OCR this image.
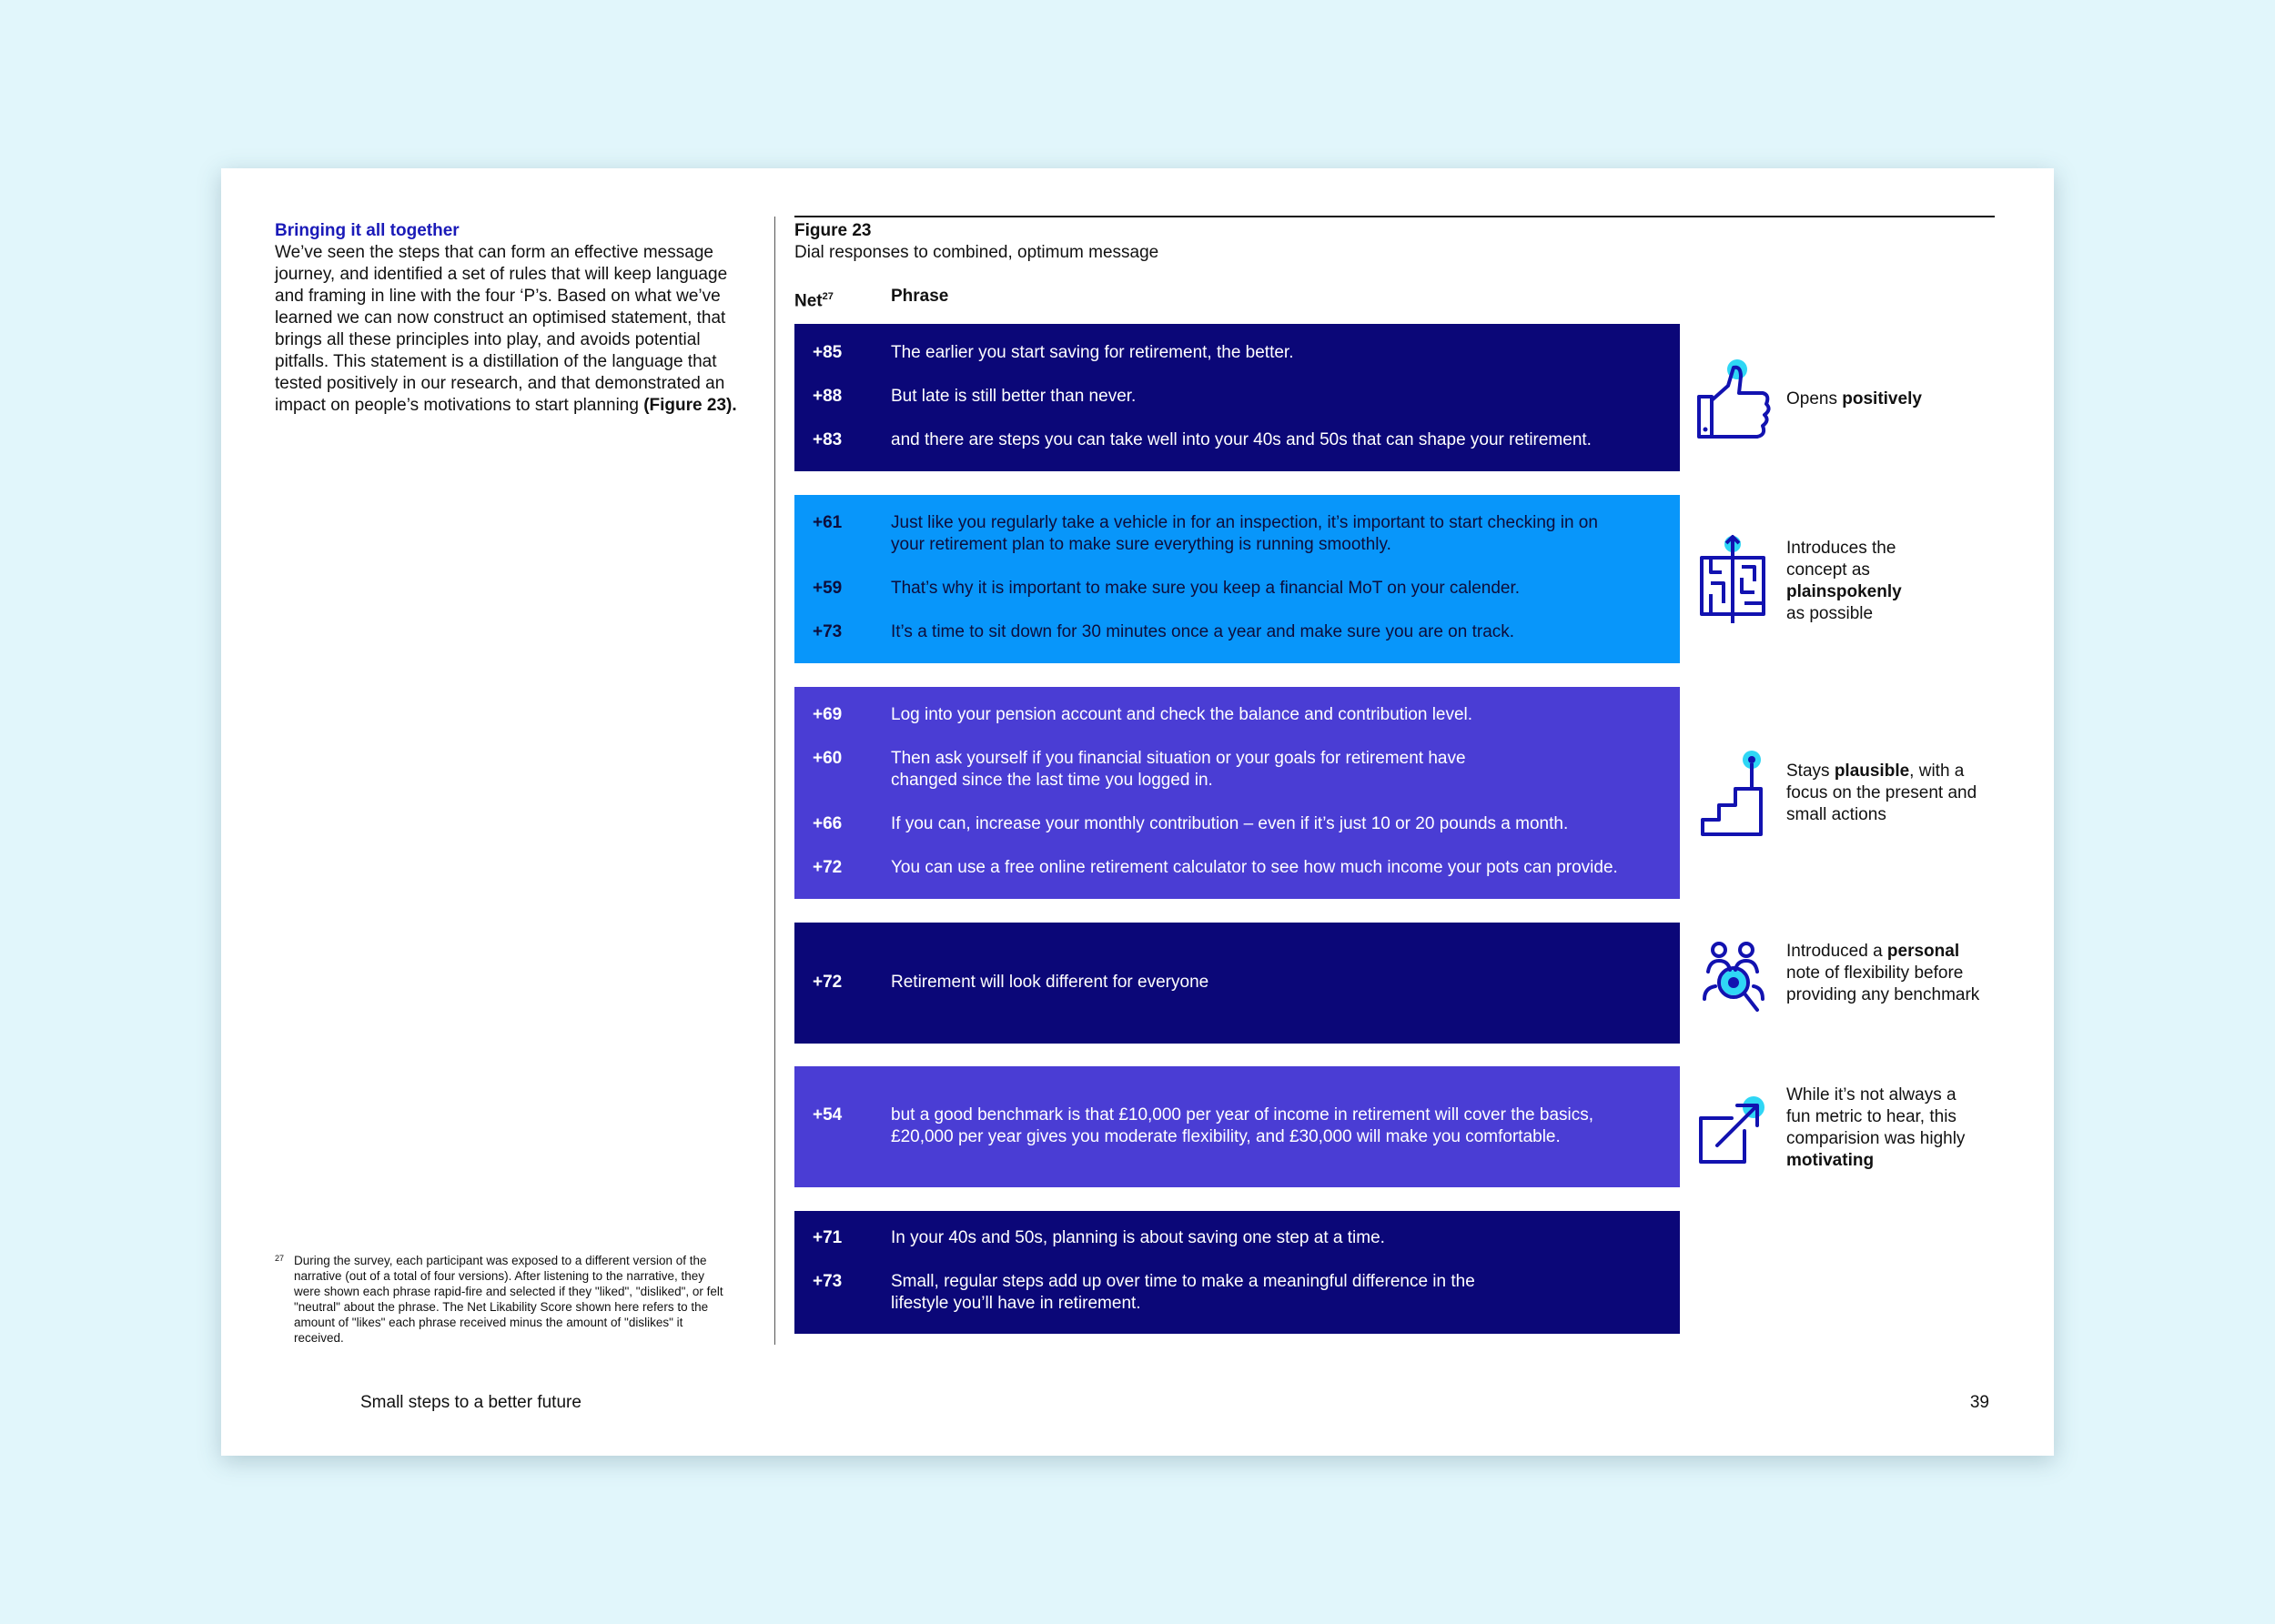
Bringing it all together

We’ve seen the steps that can form an effective message journey, and identified a set of rules that will keep language and framing in line with the four ‘P’s. Based on what we’ve learned we can now construct an optimised statement, that brings all these principles into play, and avoids potential pitfalls. This statement is a distillation of the language that tested positively in our research, and that demonstrated an impact on people’s motivations to start planning (Figure 23).

27 During the survey, each participant was exposed to a different version of the narrative (out of a total of four versions). After listening to the narrative, they were shown each phrase rapid-fire and selected if they "liked", "disliked", or felt "neutral" about the phrase. The Net Likability Score shown here refers to the amount of "likes" each phrase received minus the amount of "dislikes" it received.
Figure 23
Dial responses to combined, optimum message
Net$^{27}$	Phrase
+85	The earlier you start saving for retirement, the better.
+88	But late is still better than never.
+83	and there are steps you can take well into your 40s and 50s that can shape your retirement.
+61	Just like you regularly take a vehicle in for an inspection, it’s important to start checking in on your retirement plan to make sure everything is running smoothly.
+59	That’s why it is important to make sure you keep a financial MoT on your calender.
+73	It’s a time to sit down for 30 minutes once a year and make sure you are on track.
+69	Log into your pension account and check the balance and contribution level.
+60	Then ask yourself if you financial situation or your goals for retirement have changed since the last time you logged in.
+66	If you can, increase your monthly contribution – even if it’s just 10 or 20 pounds a month.
+72	You can use a free online retirement calculator to see how much income your pots can provide.
+72	Retirement will look different for everyone
+54	but a good benchmark is that £10,000 per year of income in retirement will cover the basics, £20,000 per year gives you moderate flexibility, and £30,000 will make you comfortable.
+71	In your 40s and 50s, planning is about saving one step at a time.
+73	Small, regular steps add up over time to make a meaningful difference in the lifestyle you’ll have in retirement.
Opens positively
Introduces the concept as plainspokenly as possible
Stays plausible, with a focus on the present and small actions
Introduced a personal note of flexibility before providing any benchmark
While it’s not always a fun metric to hear, this comparision was highly motivating
Small steps to a better future	39
